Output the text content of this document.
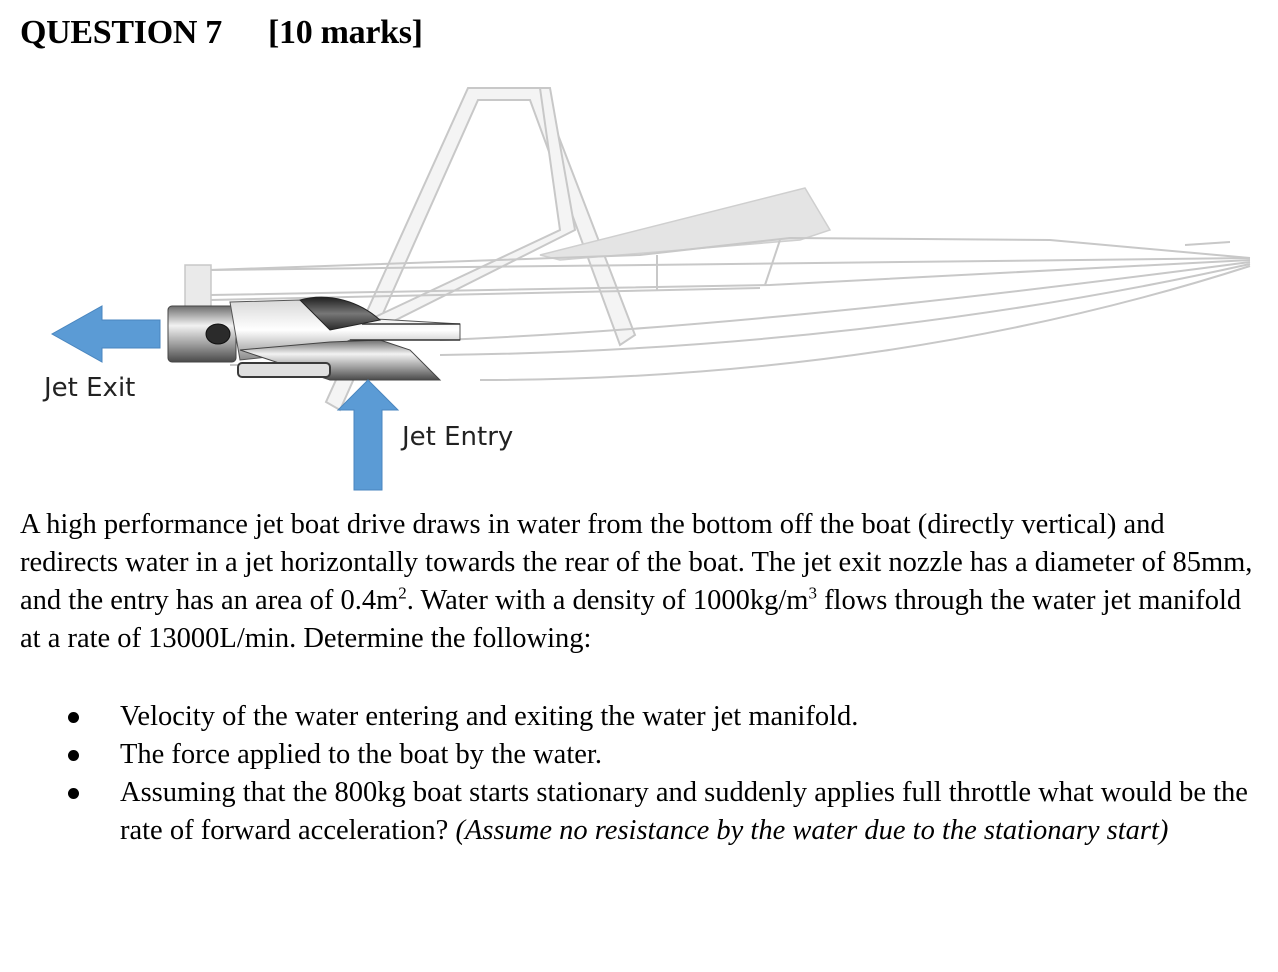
QUESTION 7 [10 marks]
Jet Exit
Jet Entry
A high performance jet boat drive draws in water from the bottom off the boat (directly vertical) and redirects water in a jet horizontally towards the rear of the boat. The jet exit nozzle has a diameter of 85mm, and the entry has an area of $0.4m^2$. Water with a density of $1000kg/m^3$ flows through the water jet manifold at a rate of 13000L/min. Determine the following:
Velocity of the water entering and exiting the water jet manifold.
The force applied to the boat by the water.
Assuming that the 800kg boat starts stationary and suddenly applies full throttle what would be the rate of forward acceleration? (Assume no resistance by the water due to the stationary start)
